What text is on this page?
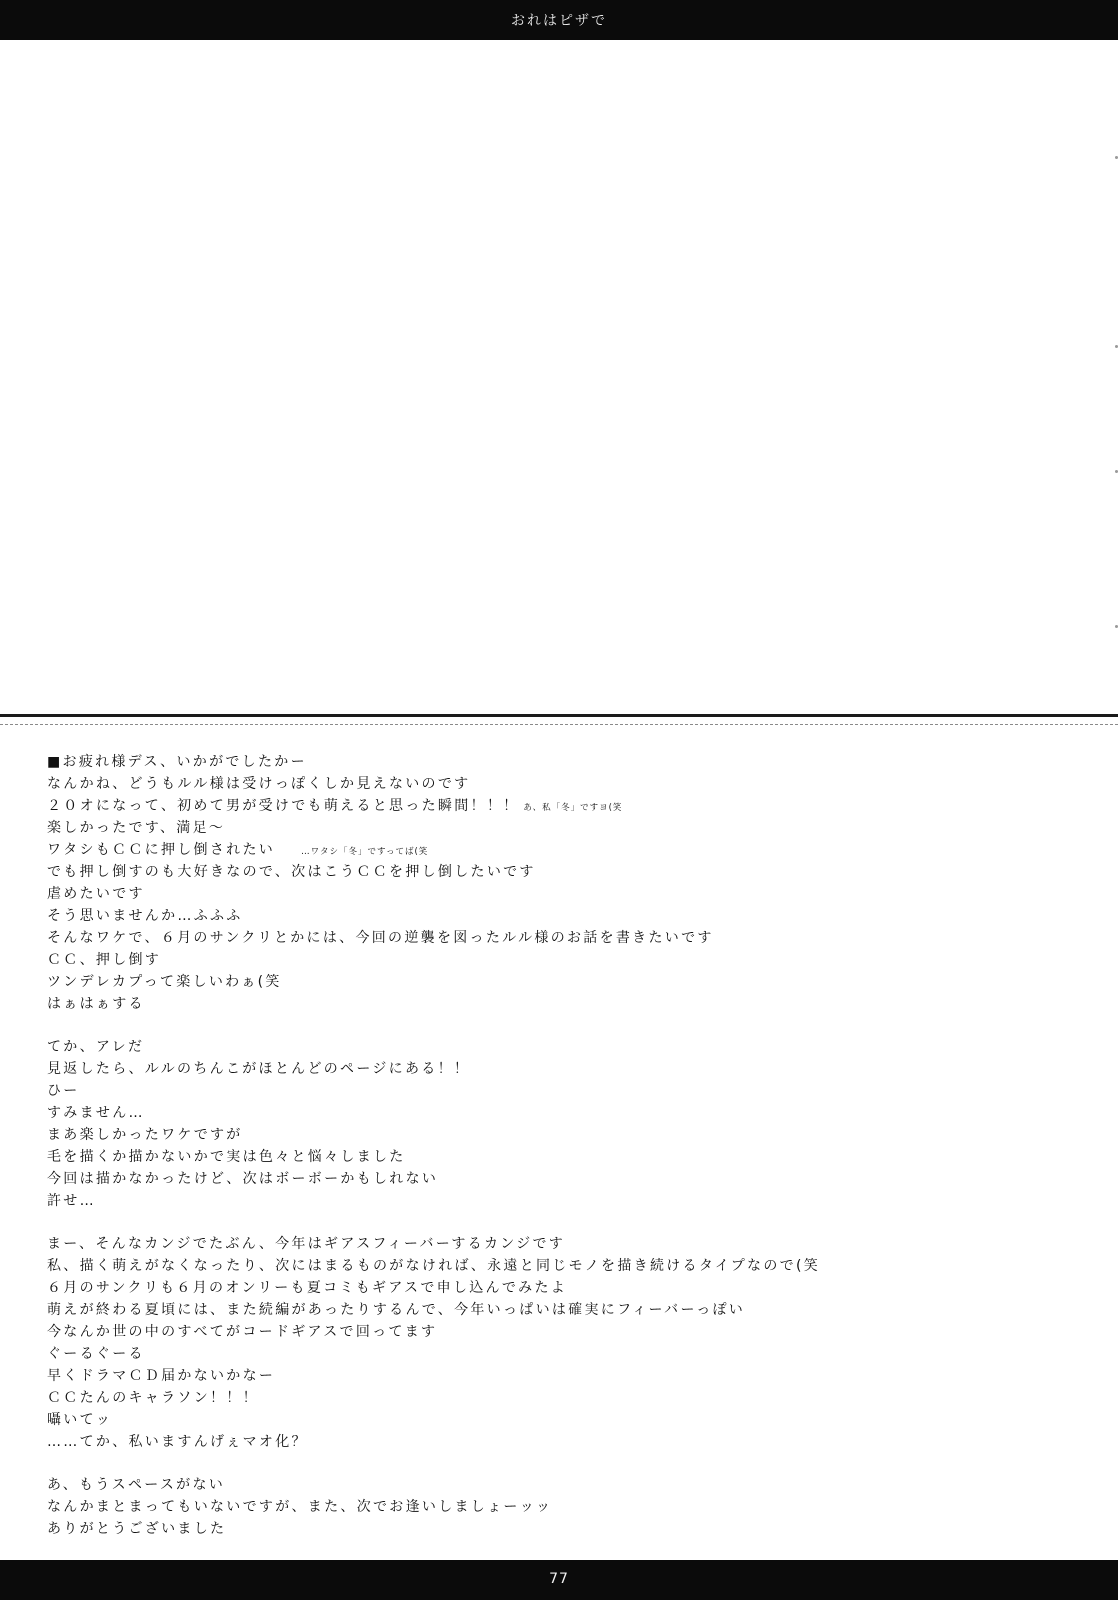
おれはピザで
■お疲れ様デス、いかがでしたかー
なんかね、どうもルル様は受けっぽくしか見えないのです
２０オになって、初めて男が受けでも萌えると思った瞬間！！！ あ、私「冬」ですヨ(笑
楽しかったです、満足～
ワタシもＣＣに押し倒されたい	…ワタシ「冬」ですってば(笑
でも押し倒すのも大好きなので、次はこうＣＣを押し倒したいです
虐めたいです
そう思いませんか…ふふふ
そんなワケで、６月のサンクリとかには、今回の逆襲を図ったルル様のお話を書きたいです
ＣＣ、押し倒す
ツンデレカプって楽しいわぁ(笑
はぁはぁする
てか、アレだ
見返したら、ルルのちんこがほとんどのページにある！！
ひー
すみません…
まあ楽しかったワケですが
毛を描くか描かないかで実は色々と悩々しました
今回は描かなかったけど、次はボーボーかもしれない
許せ…
まー、そんなカンジでたぶん、今年はギアスフィーバーするカンジです
私、描く萌えがなくなったり、次にはまるものがなければ、永遠と同じモノを描き続けるタイプなので(笑
６月のサンクリも６月のオンリーも夏コミもギアスで申し込んでみたよ
萌えが終わる夏頃には、また続編があったりするんで、今年いっぱいは確実にフィーバーっぽい
今なんか世の中のすべてがコードギアスで回ってます
ぐーるぐーる
早くドラマＣＤ届かないかなー
ＣＣたんのキャラソン！！！
囁いてッ
……てか、私いますんげぇマオ化？
あ、もうスペースがない
なんかまとまってもいないですが、また、次でお逢いしましょーッッ
ありがとうございました
77
